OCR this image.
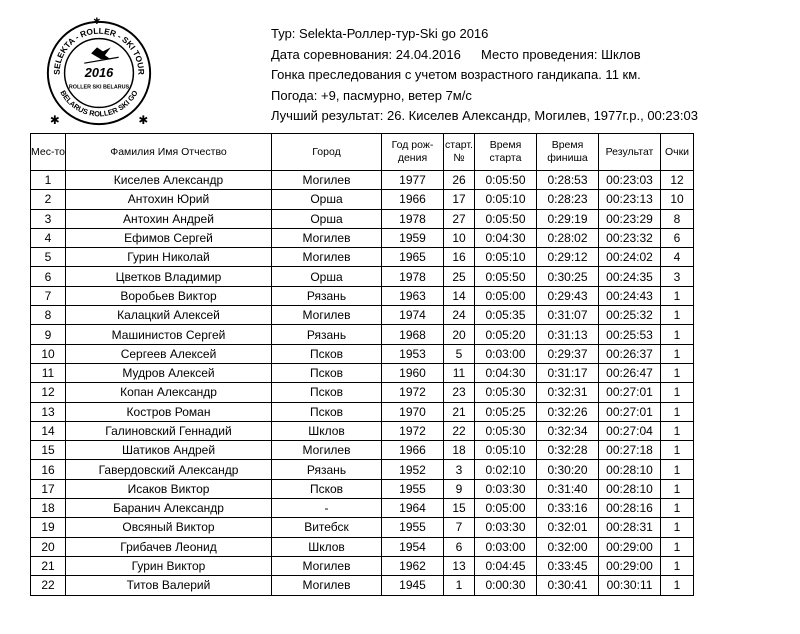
SELEKTA - ROLLER - SKI TOUR
BELARUS ROLLER SKI GO
2016
ROLLER SKI BELARUS
✱	✱
✱
Тур: Selekta-Роллер-тур-Ski go 2016
Дата соревнования: 24.04.2016 Место проведения: Шклов
Гонка преследования с учетом возрастного гандикапа. 11 км.
Погода: +9, пасмурно, ветер 7м/с
Лучший результат: 26. Киселев Александр, Могилев, 1977г.р., 00:23:03
Мес-то	Фамилия Имя Отчество	Город	Год рож-дения	старт. №	Время старта	Время финиша	Результат	Очки
1	Киселев Александр	Могилев	1977	26	0:05:50	0:28:53	00:23:03	12
2	Антохин Юрий	Орша	1966	17	0:05:10	0:28:23	00:23:13	10
3	Антохин Андрей	Орша	1978	27	0:05:50	0:29:19	00:23:29	8
4	Ефимов Сергей	Могилев	1959	10	0:04:30	0:28:02	00:23:32	6
5	Гурин Николай	Могилев	1965	16	0:05:10	0:29:12	00:24:02	4
6	Цветков Владимир	Орша	1978	25	0:05:50	0:30:25	00:24:35	3
7	Воробьев Виктор	Рязань	1963	14	0:05:00	0:29:43	00:24:43	1
8	Калацкий Алексей	Могилев	1974	24	0:05:35	0:31:07	00:25:32	1
9	Машинистов Сергей	Рязань	1968	20	0:05:20	0:31:13	00:25:53	1
10	Сергеев Алексей	Псков	1953	5	0:03:00	0:29:37	00:26:37	1
11	Мудров Алексей	Псков	1960	11	0:04:30	0:31:17	00:26:47	1
12	Копан Александр	Псков	1972	23	0:05:30	0:32:31	00:27:01	1
13	Костров Роман	Псков	1970	21	0:05:25	0:32:26	00:27:01	1
14	Галиновский Геннадий	Шклов	1972	22	0:05:30	0:32:34	00:27:04	1
15	Шатиков Андрей	Могилев	1966	18	0:05:10	0:32:28	00:27:18	1
16	Гавердовский Александр	Рязань	1952	3	0:02:10	0:30:20	00:28:10	1
17	Исаков Виктор	Псков	1955	9	0:03:30	0:31:40	00:28:10	1
18	Баранич Александр	-	1964	15	0:05:00	0:33:16	00:28:16	1
19	Овсяный Виктор	Витебск	1955	7	0:03:30	0:32:01	00:28:31	1
20	Грибачев Леонид	Шклов	1954	6	0:03:00	0:32:00	00:29:00	1
21	Гурин Виктор	Могилев	1962	13	0:04:45	0:33:45	00:29:00	1
22	Титов Валерий	Могилев	1945	1	0:00:30	0:30:41	00:30:11	1
